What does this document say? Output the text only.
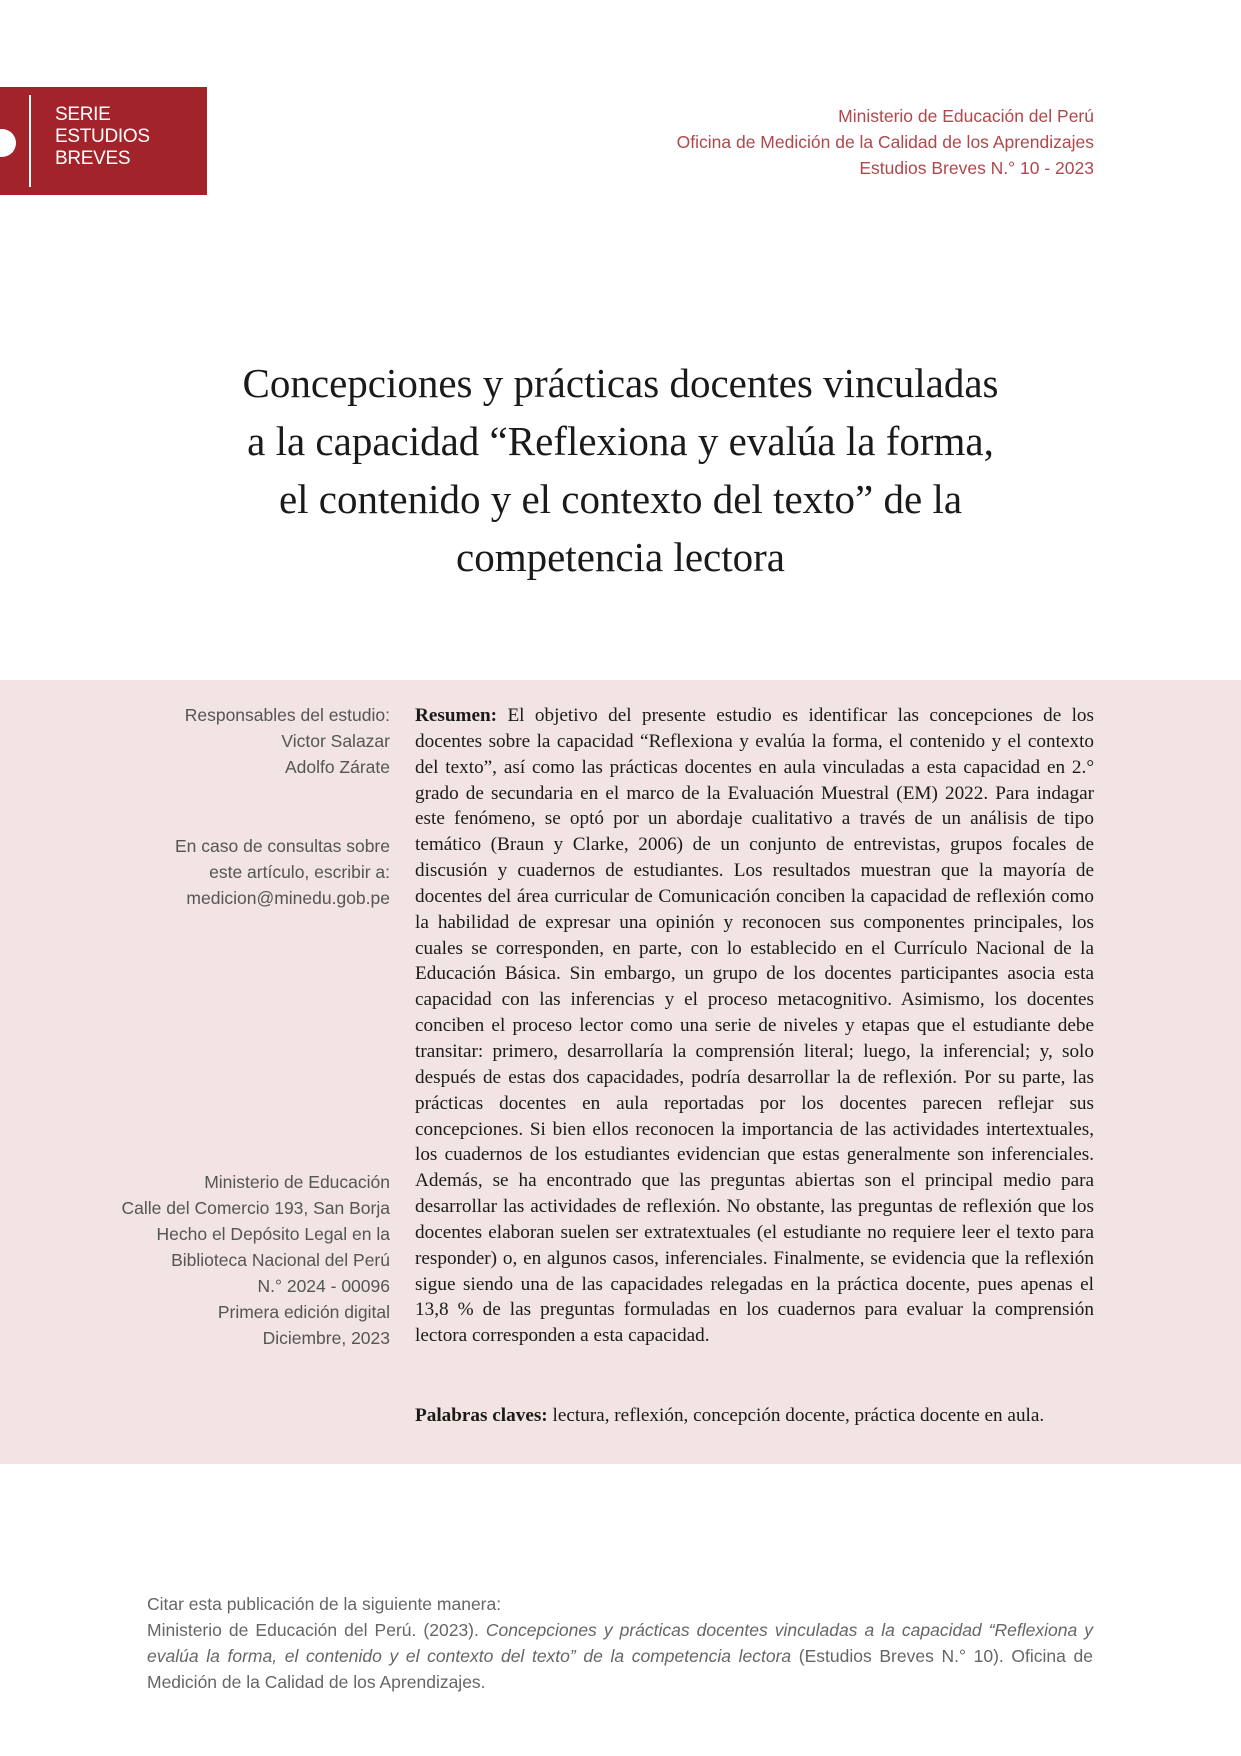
SERIE
ESTUDIOS
BREVES
Ministerio de Educación del Perú
Oficina de Medición de la Calidad de los Aprendizajes
Estudios Breves N.° 10 - 2023
Concepciones y prácticas docentes vinculadas
a la capacidad “Reflexiona y evalúa la forma,
el contenido y el contexto del texto” de la
competencia lectora
Responsables del estudio:
Victor Salazar
Adolfo Zárate
En caso de consultas sobre
este artículo, escribir a:
medicion@minedu.gob.pe
Ministerio de Educación
Calle del Comercio 193, San Borja
Hecho el Depósito Legal en la
Biblioteca Nacional del Perú
N.° 2024 - 00096
Primera edición digital
Diciembre, 2023

Resumen: El objetivo del presente estudio es identificar las concepciones de los docentes sobre la capacidad “Reflexiona y evalúa la forma, el contenido y el contexto del texto”, así como las prácticas docentes en aula vinculadas a esta capacidad en 2.° grado de secundaria en el marco de la Evaluación Muestral (EM) 2022. Para indagar este fenómeno, se optó por un abordaje cualitativo a través de un análisis de tipo temático (Braun y Clarke, 2006) de un conjunto de entrevistas, grupos focales de discusión y cuadernos de estudiantes. Los resultados muestran que la mayoría de docentes del área curricular de Comunicación conciben la capacidad de reflexión como la habilidad de expresar una opinión y reconocen sus componentes principales, los cuales se corresponden, en parte, con lo establecido en el Currículo Nacional de la Educación Básica. Sin embargo, un grupo de los docentes participantes asocia esta capacidad con las inferencias y el proceso metacognitivo. Asimismo, los docentes conciben el proceso lector como una serie de niveles y etapas que el estudiante debe transitar: primero, desarrollaría la comprensión literal; luego, la inferencial; y, solo después de estas dos capacidades, podría desarrollar la de reflexión. Por su parte, las prácticas docentes en aula reportadas por los docentes parecen reflejar sus concepciones. Si bien ellos reconocen la importancia de las actividades intertextuales, los cuadernos de los estudiantes evidencian que estas generalmente son inferenciales. Además, se ha encontrado que las preguntas abiertas son el principal medio para desarrollar las actividades de reflexión. No obstante, las preguntas de reflexión que los docentes elaboran suelen ser extratextuales (el estudiante no requiere leer el texto para responder) o, en algunos casos, inferenciales. Finalmente, se evidencia que la reflexión sigue siendo una de las capacidades relegadas en la práctica docente, pues apenas el 13,8 % de las preguntas formuladas en los cuadernos para evaluar la comprensión lectora corresponden a esta capacidad.

Palabras claves: lectura, reflexión, concepción docente, práctica docente en aula.

Citar esta publicación de la siguiente manera:

Ministerio de Educación del Perú. (2023). Concepciones y prácticas docentes vinculadas a la capacidad “Reflexiona y evalúa la forma, el contenido y el contexto del texto” de la competencia lectora (Estudios Breves N.° 10). Oficina de Medición de la Calidad de los Aprendizajes.
